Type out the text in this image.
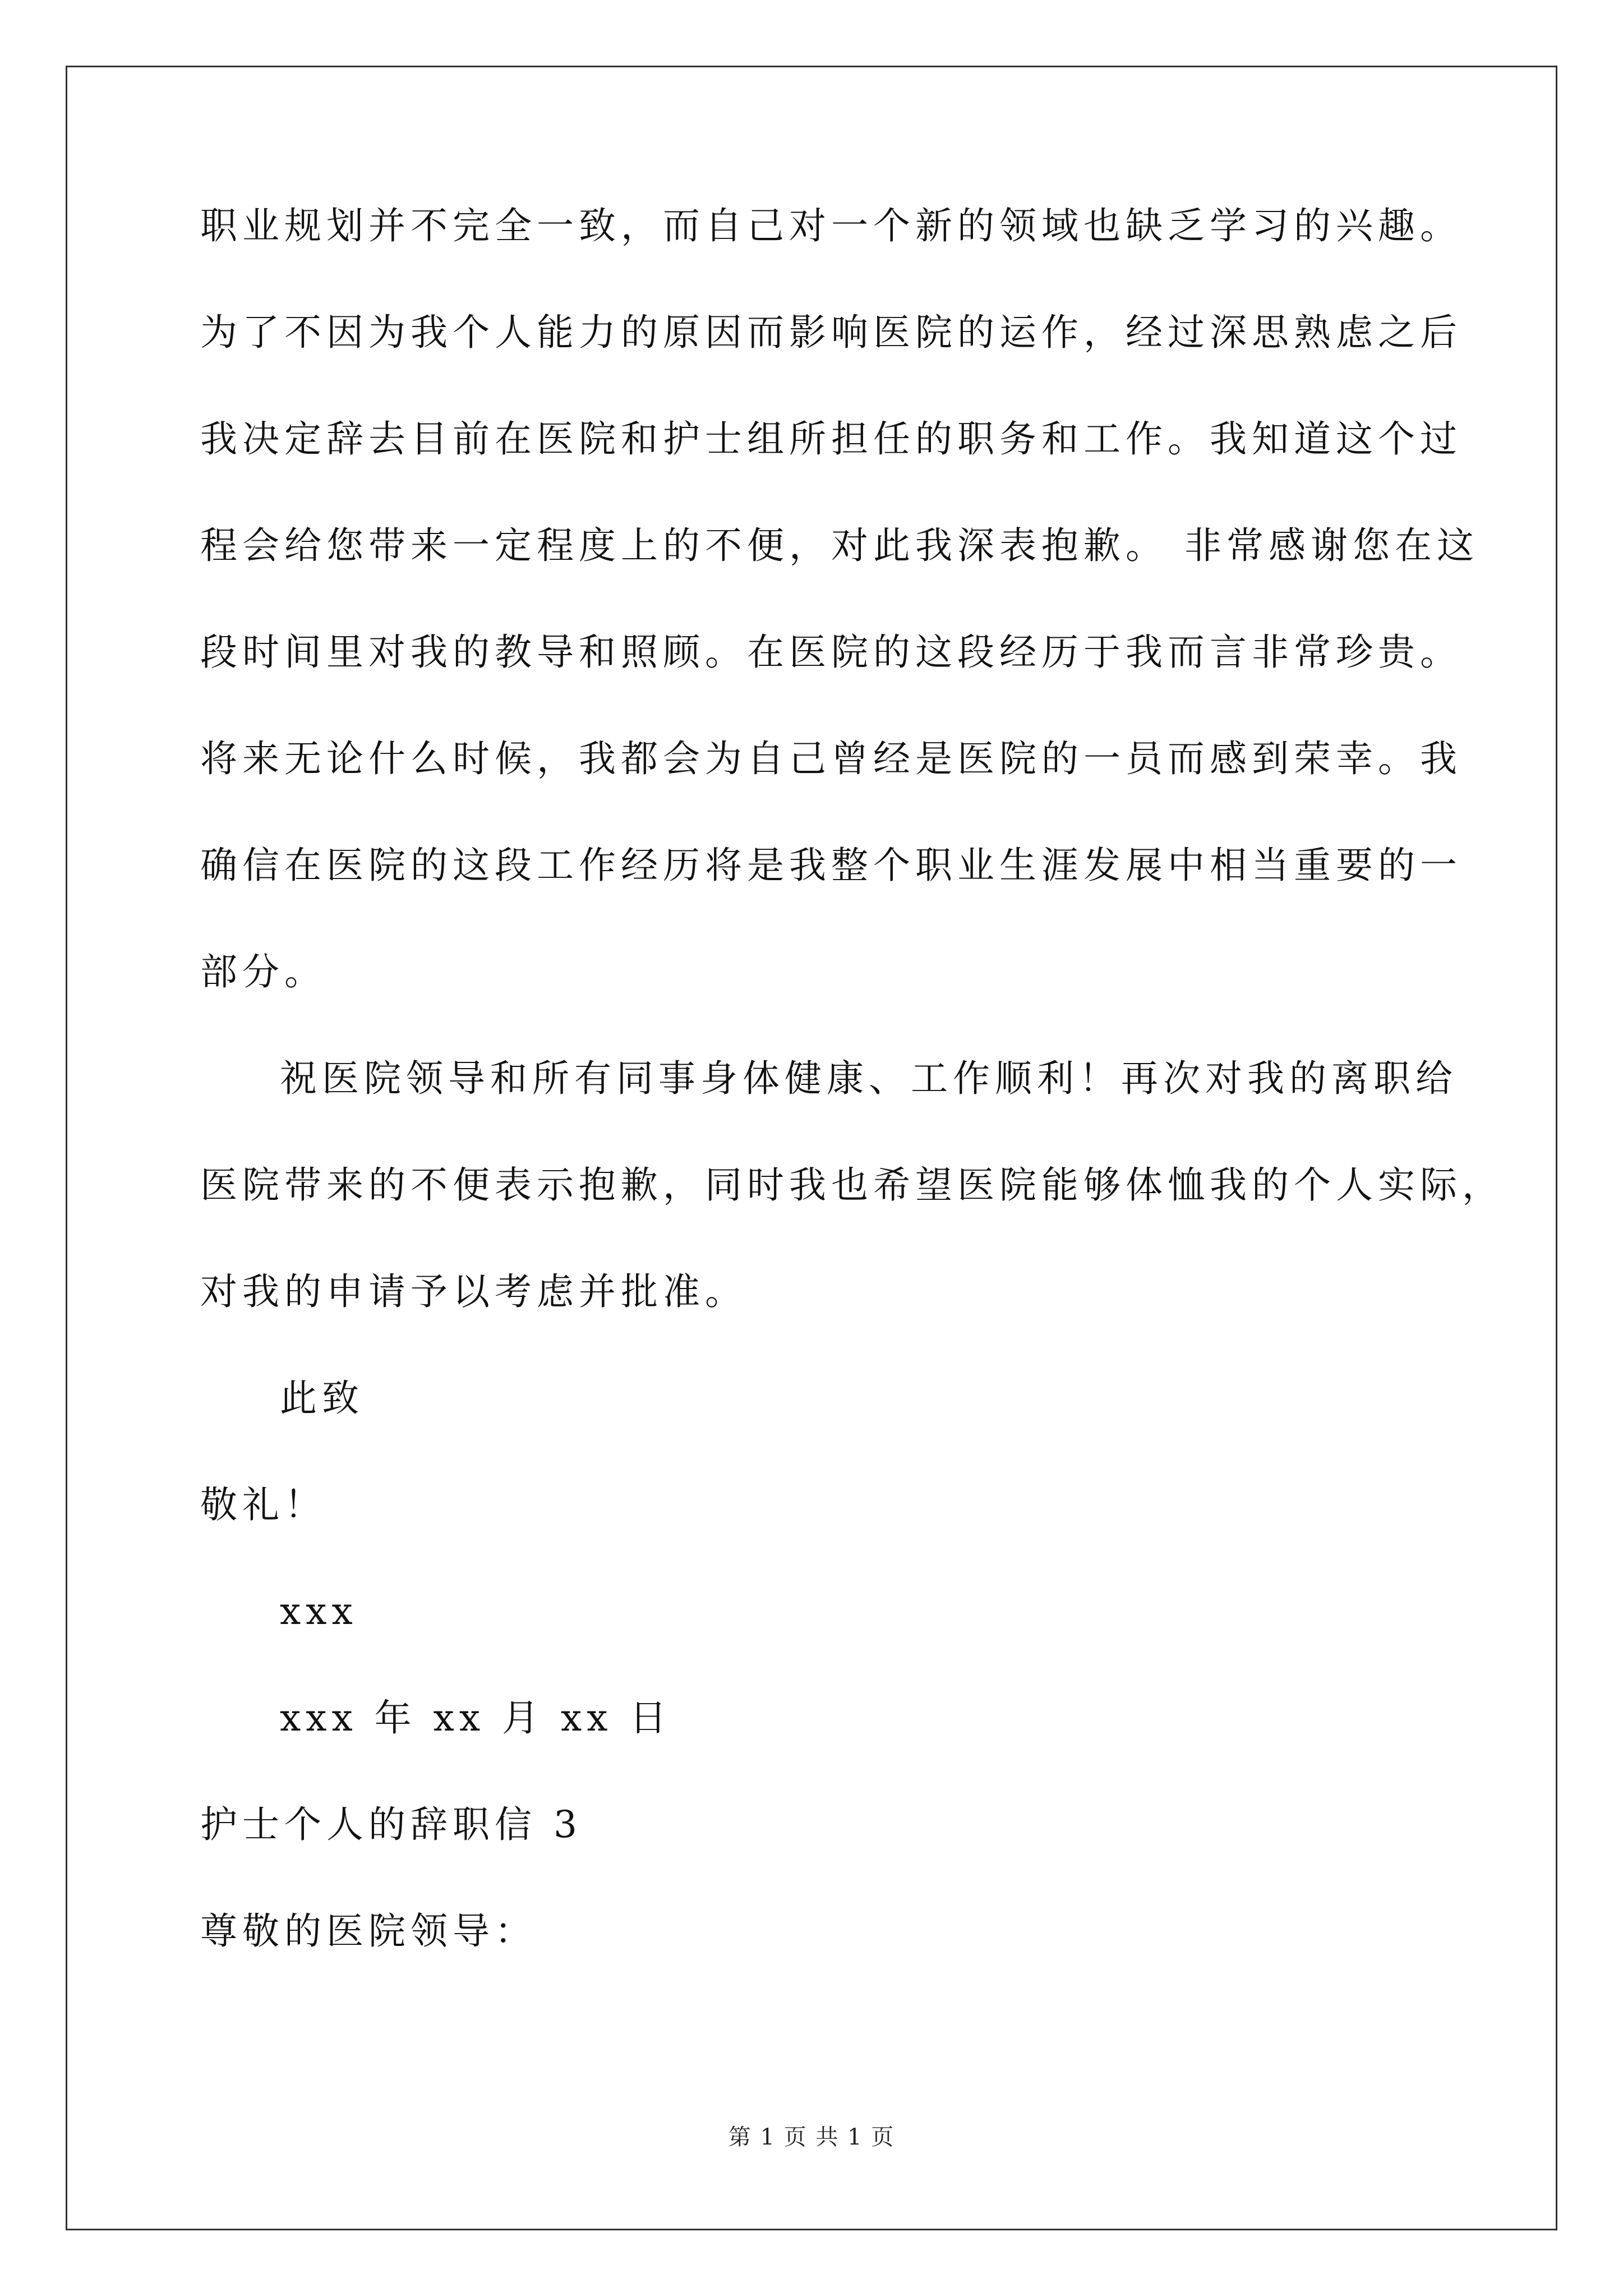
职业规划并不完全一致，而自己对一个新的领域也缺乏学习的兴趣。
为了不因为我个人能力的原因而影响医院的运作，经过深思熟虑之后
我决定辞去目前在医院和护士组所担任的职务和工作。我知道这个过
程会给您带来一定程度上的不便，对此我深表抱歉。 非常感谢您在这
段时间里对我的教导和照顾。在医院的这段经历于我而言非常珍贵。
将来无论什么时候，我都会为自己曾经是医院的一员而感到荣幸。我
确信在医院的这段工作经历将是我整个职业生涯发展中相当重要的一
部分。
祝医院领导和所有同事身体健康、工作顺利！再次对我的离职给
医院带来的不便表示抱歉，同时我也希望医院能够体恤我的个人实际，
对我的申请予以考虑并批准。
此致
敬礼！
xxx
xxx 年 xx 月 xx 日
护士个人的辞职信 3
尊敬的医院领导：
第 1 页 共 1 页
